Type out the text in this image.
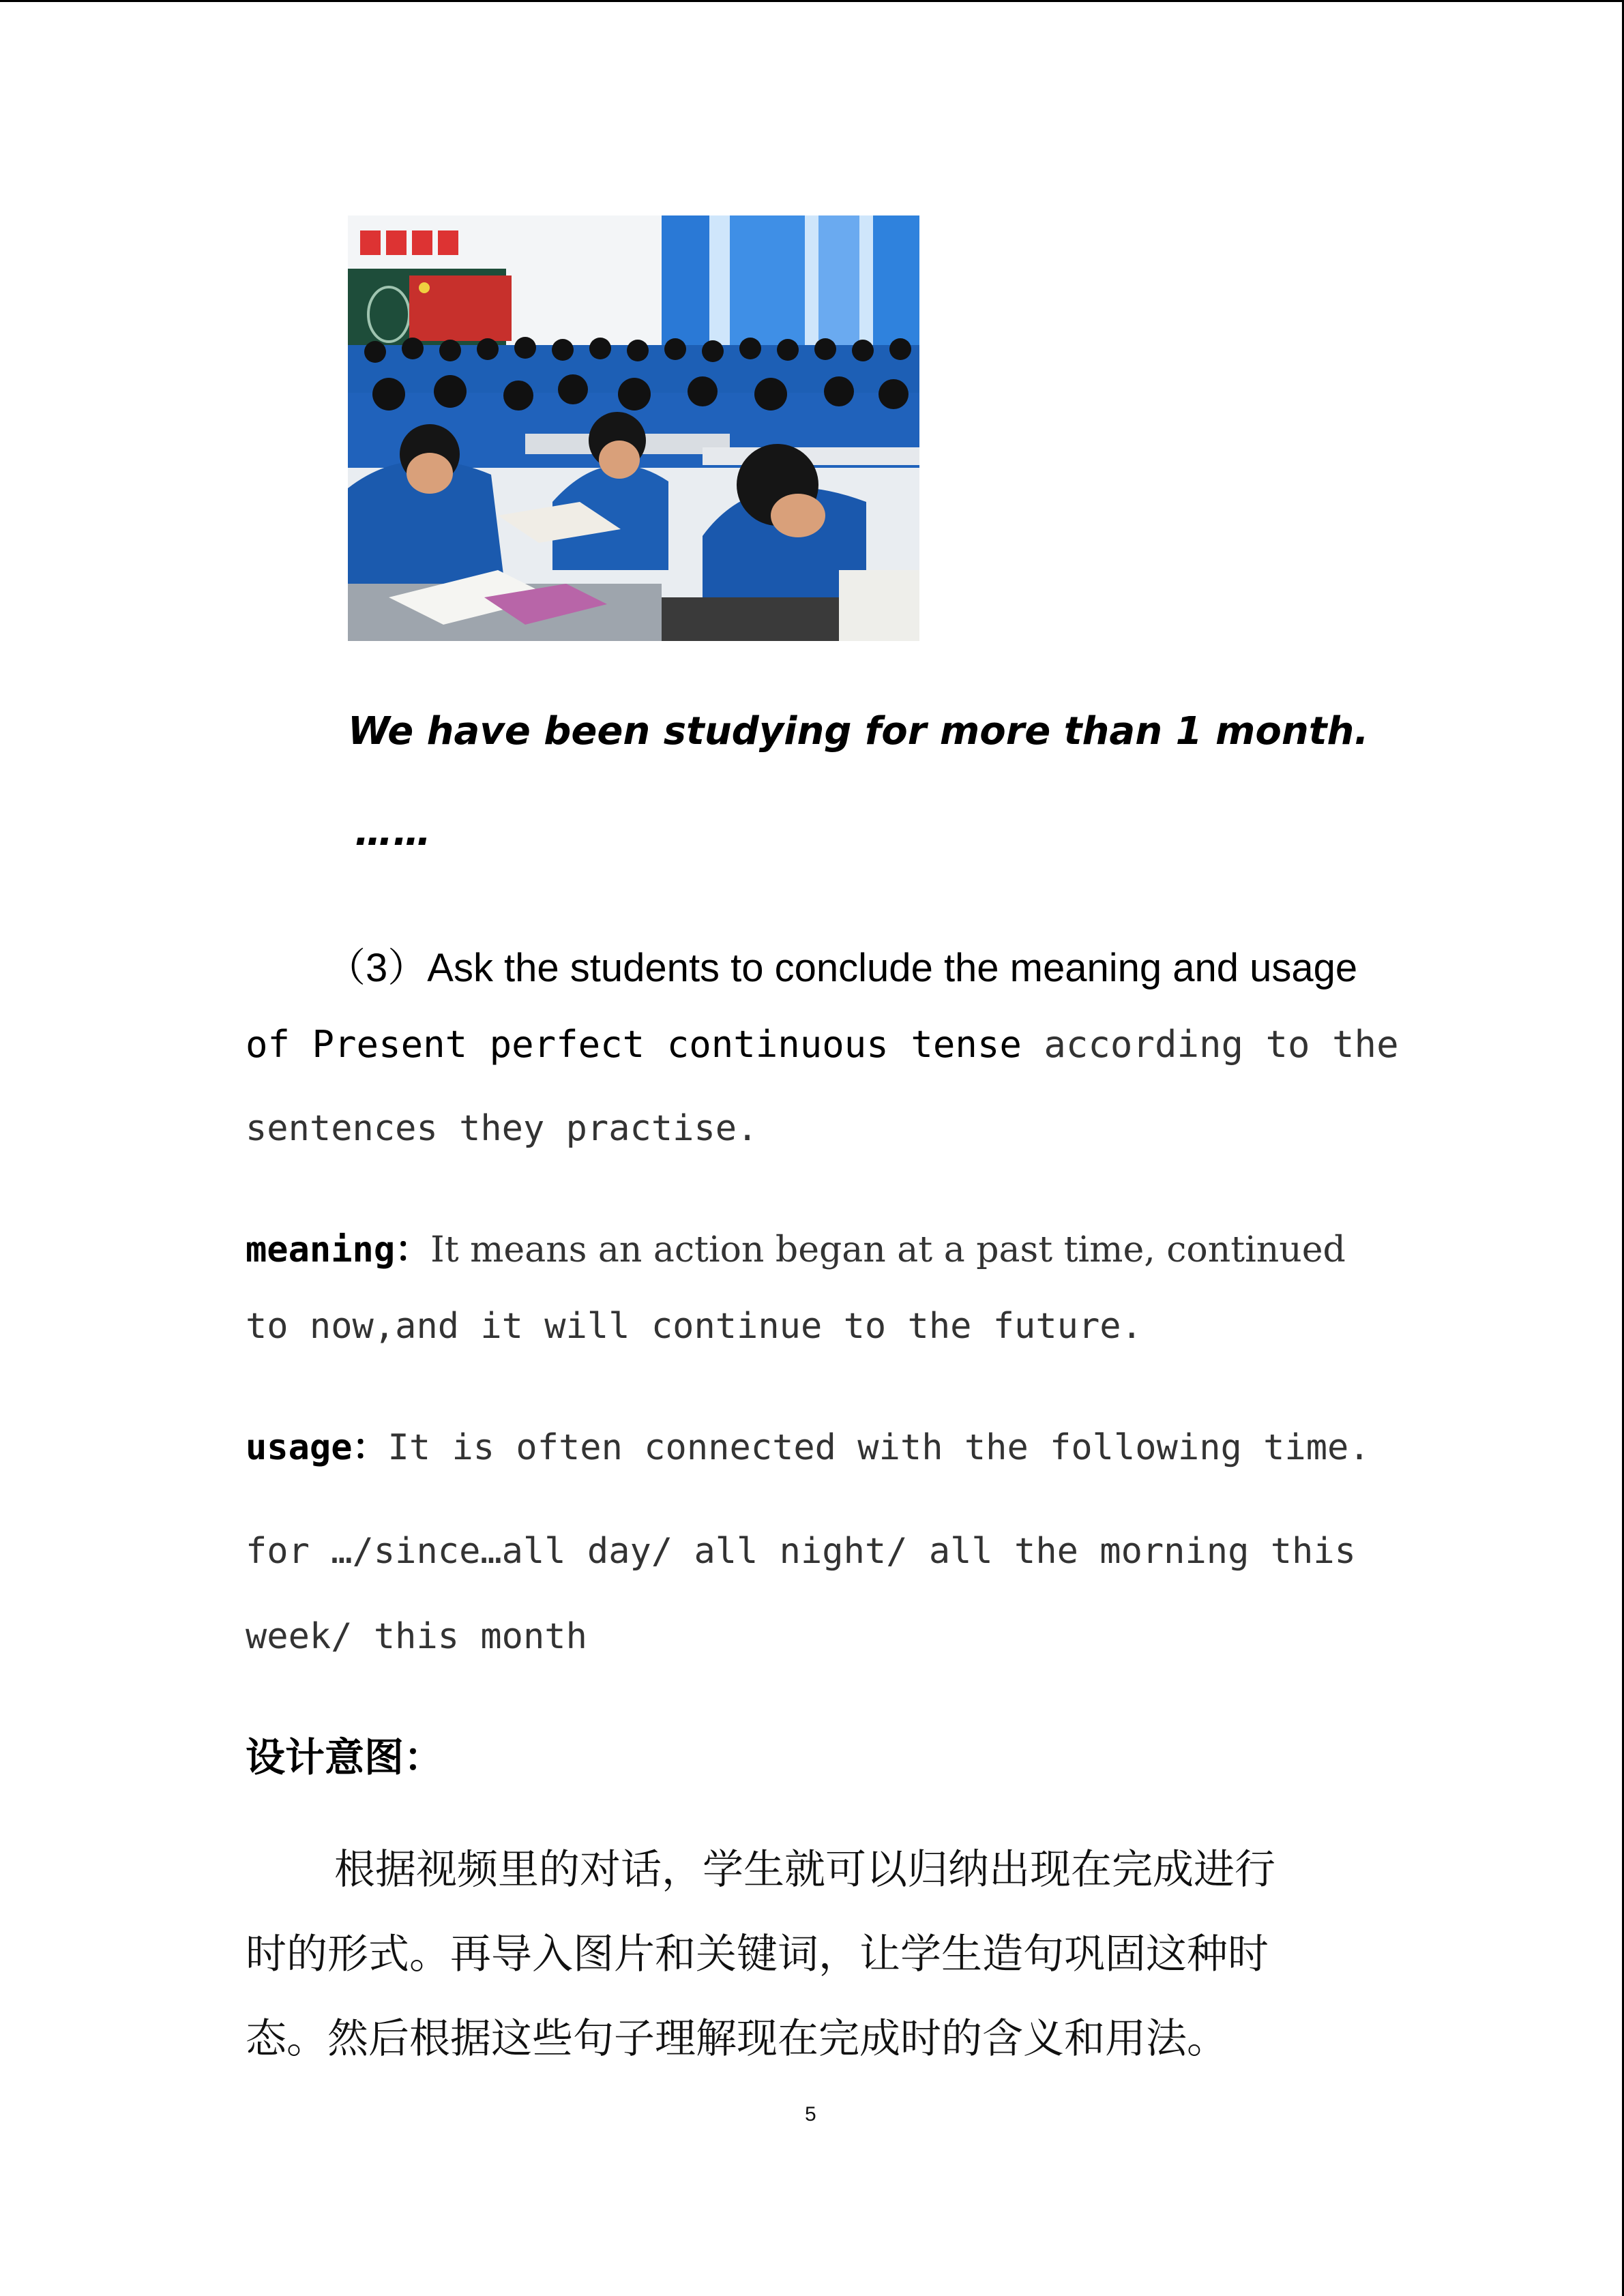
We have been studying for more than 1 month.
……
（3）Ask the students to conclude the meaning and usage
of Present perfect continuous tense according to the
sentences they practise.
meaning：It means an action began at a past time, continued
to now,and it will continue to the future.
usage：It is often connected with the following time.
for …/since…all day/ all night/ all the morning this
week/ this month
设计意图：
根据视频里的对话，学生就可以归纳出现在完成进行
时的形式。再导入图片和关键词，让学生造句巩固这种时
态。然后根据这些句子理解现在完成时的含义和用法。
5
